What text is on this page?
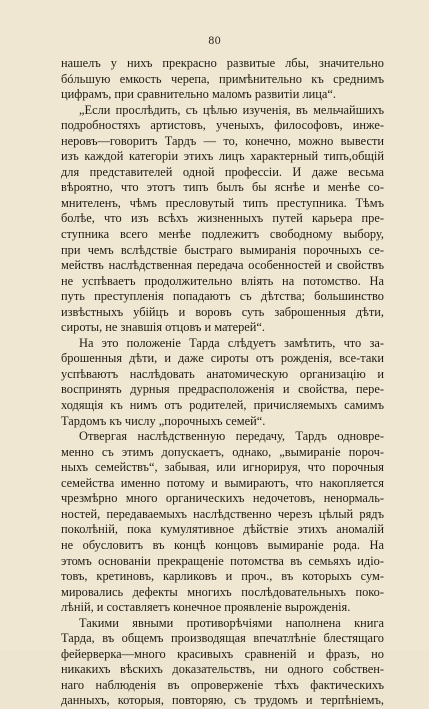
80
нашелъ у нихъ прекрасно развитые лбы, значительно
бóльшую емкость черепа, примѣнительно къ среднимъ
цифрамъ, при сравнительно маломъ развитіи лица“.
„Если прослѣдить, съ цѣлью изученія, въ мельчайшихъ
подробностяхъ артистовъ, ученыхъ, философовъ, инже-
неровъ—говоритъ Тардъ — то, конечно, можно вывести
изъ каждой категоріи этихъ лицъ характерный типъ,общій
для представителей одной профессіи. И даже весьма
вѣроятно, что этотъ типъ былъ бы яснѣе и менѣе со-
мнителенъ, чѣмъ пресловутый типъ преступника. Тѣмъ
болѣе, что изъ всѣхъ жизненныхъ путей карьера пре-
ступника всего менѣе подлежитъ свободному выбору,
при чемъ вслѣдствіе быстраго вымиранія порочныхъ се-
мействъ наслѣдственная передача особенностей и свойствъ
не успѣваетъ продолжительно вліять на потомство. На
путь преступленія попадаютъ съ дѣтства; большинство
извѣстныхъ убійцъ и воровъ суть заброшенныя дѣти,
сироты, не знавшія отцовъ и матерей“.
На это положеніе Тарда слѣдуетъ замѣтить, что за-
брошенныя дѣти, и даже сироты отъ рожденія, все-таки
успѣваютъ наслѣдовать анатомическую организацію и
воспринять дурныя предрасположенія и свойства, пере-
ходящія къ нимъ отъ родителей, причисляемыхъ самимъ
Тардомъ къ числу „порочныхъ семей“.
Отвергая наслѣдственную передачу, Тардъ одновре-
менно съ этимъ допускаетъ, однако, „вымираніе пороч-
ныхъ семействъ“, забывая, или игнорируя, что порочныя
семейства именно потому и вымираютъ, что накопляется
чрезмѣрно много органическихъ недочетовъ, ненормаль-
ностей, передаваемыхъ наслѣдственно черезъ цѣлый рядъ
поколѣній, пока кумулятивное дѣйствіе этихъ аномалій
не обусловитъ въ концѣ концовъ вымираніе рода. На
этомъ основаніи прекращеніе потомства въ семьяхъ идіо-
товъ, кретиновъ, карликовъ и проч., въ которыхъ сум-
мировались дефекты многихъ послѣдовательныхъ поко-
лѣній, и составляетъ конечное проявленіе вырожденія.
Такими явными противорѣчіями наполнена книга
Тарда, въ общемъ производящая впечатлѣніе блестящаго
фейерверка—много красивыхъ сравненій и фразъ, но
никакихъ вѣскихъ доказательствъ, ни одного собствен-
наго наблюденія въ опроверженіе тѣхъ фактическихъ
данныхъ, которыя, повторяю, съ трудомъ и терпѣніемъ,
